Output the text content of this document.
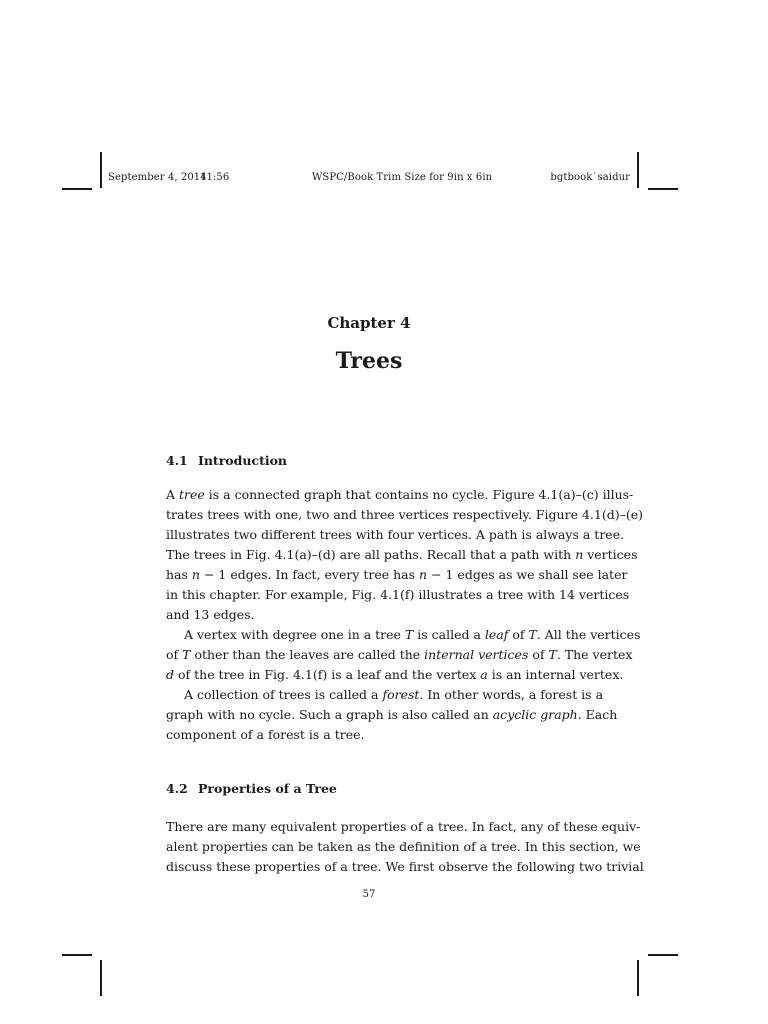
September 4, 2014
11:56	WSPC/Book Trim Size for 9in x 6in	bgtbook˙saidur
Chapter 4
Trees
4.1 Introduction
A tree is a connected graph that contains no cycle. Figure 4.1(a)–(c) illus-
trates trees with one, two and three vertices respectively. Figure 4.1(d)–(e)
illustrates two different trees with four vertices. A path is always a tree.
The trees in Fig. 4.1(a)–(d) are all paths. Recall that a path with n vertices
has n − 1 edges. In fact, every tree has n − 1 edges as we shall see later
in this chapter. For example, Fig. 4.1(f) illustrates a tree with 14 vertices
and 13 edges.
A vertex with degree one in a tree T is called a leaf of T. All the vertices
of T other than the leaves are called the internal vertices of T. The vertex
d of the tree in Fig. 4.1(f) is a leaf and the vertex a is an internal vertex.
A collection of trees is called a forest. In other words, a forest is a
graph with no cycle. Such a graph is also called an acyclic graph. Each
component of a forest is a tree.
4.2 Properties of a Tree
There are many equivalent properties of a tree. In fact, any of these equiv-
alent properties can be taken as the definition of a tree. In this section, we
discuss these properties of a tree. We first observe the following two trivial
57
